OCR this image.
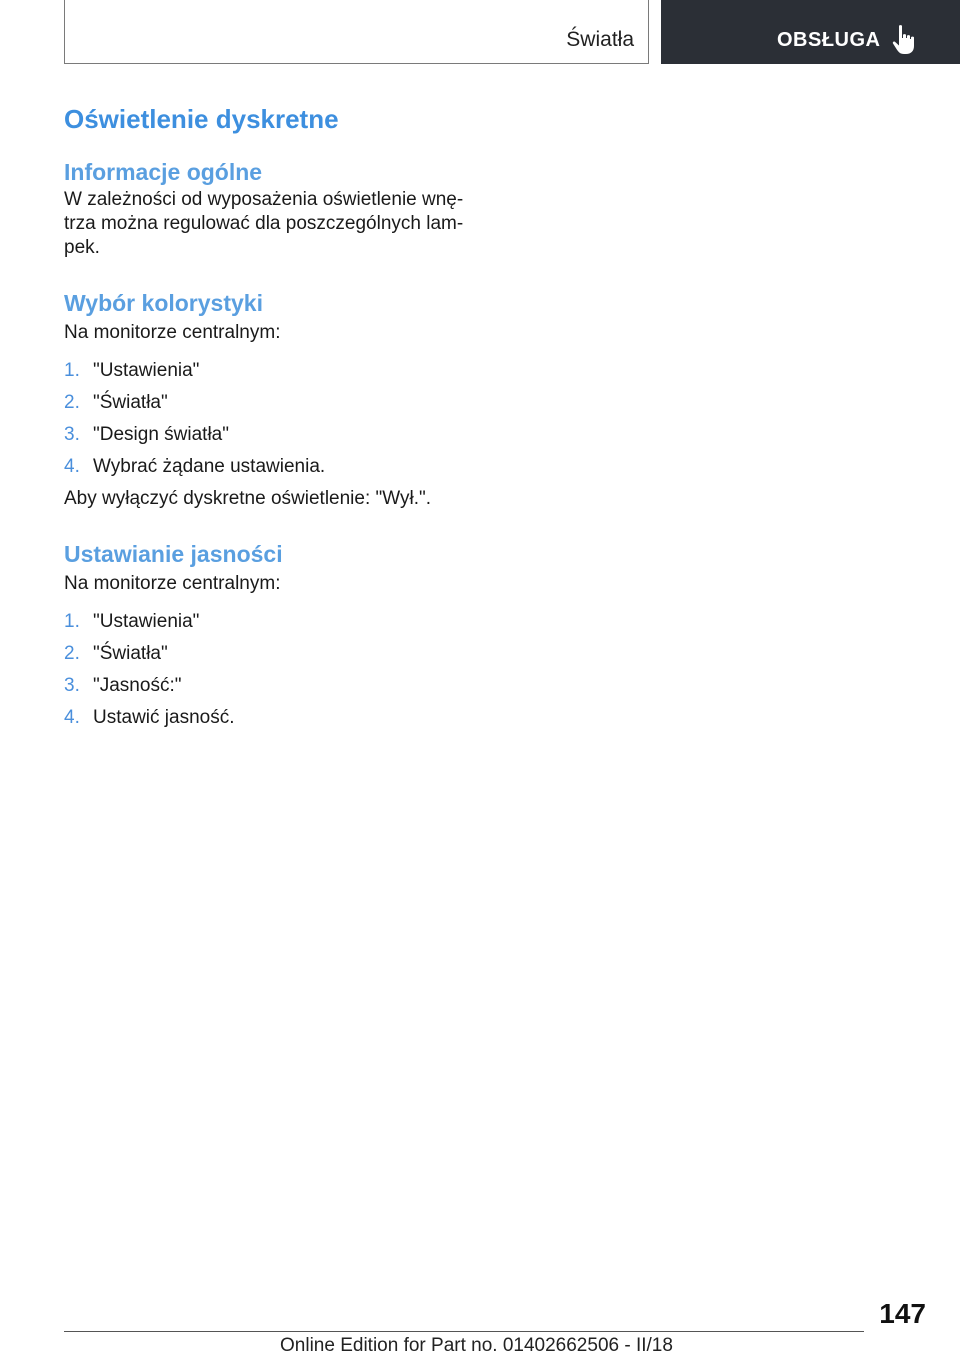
Światła	OBSŁUGA
Oświetlenie dyskretne
Informacje ogólne

W zależności od wyposażenia oświetlenie wnę- trza można regulować dla poszczególnych lam- pek.

Wybór kolorystyki

Na monitorze centralnym:

1. "Ustawienia"
2. "Światła"
3. "Design światła"
4. Wybrać żądane ustawienia.

Aby wyłączyć dyskretne oświetlenie: "Wył.".

Ustawianie jasności

Na monitorze centralnym:

1. "Ustawienia"
2. "Światła"
3. "Jasność:"
4. Ustawić jasność.
147
Online Edition for Part no. 01402662506 - II/18
